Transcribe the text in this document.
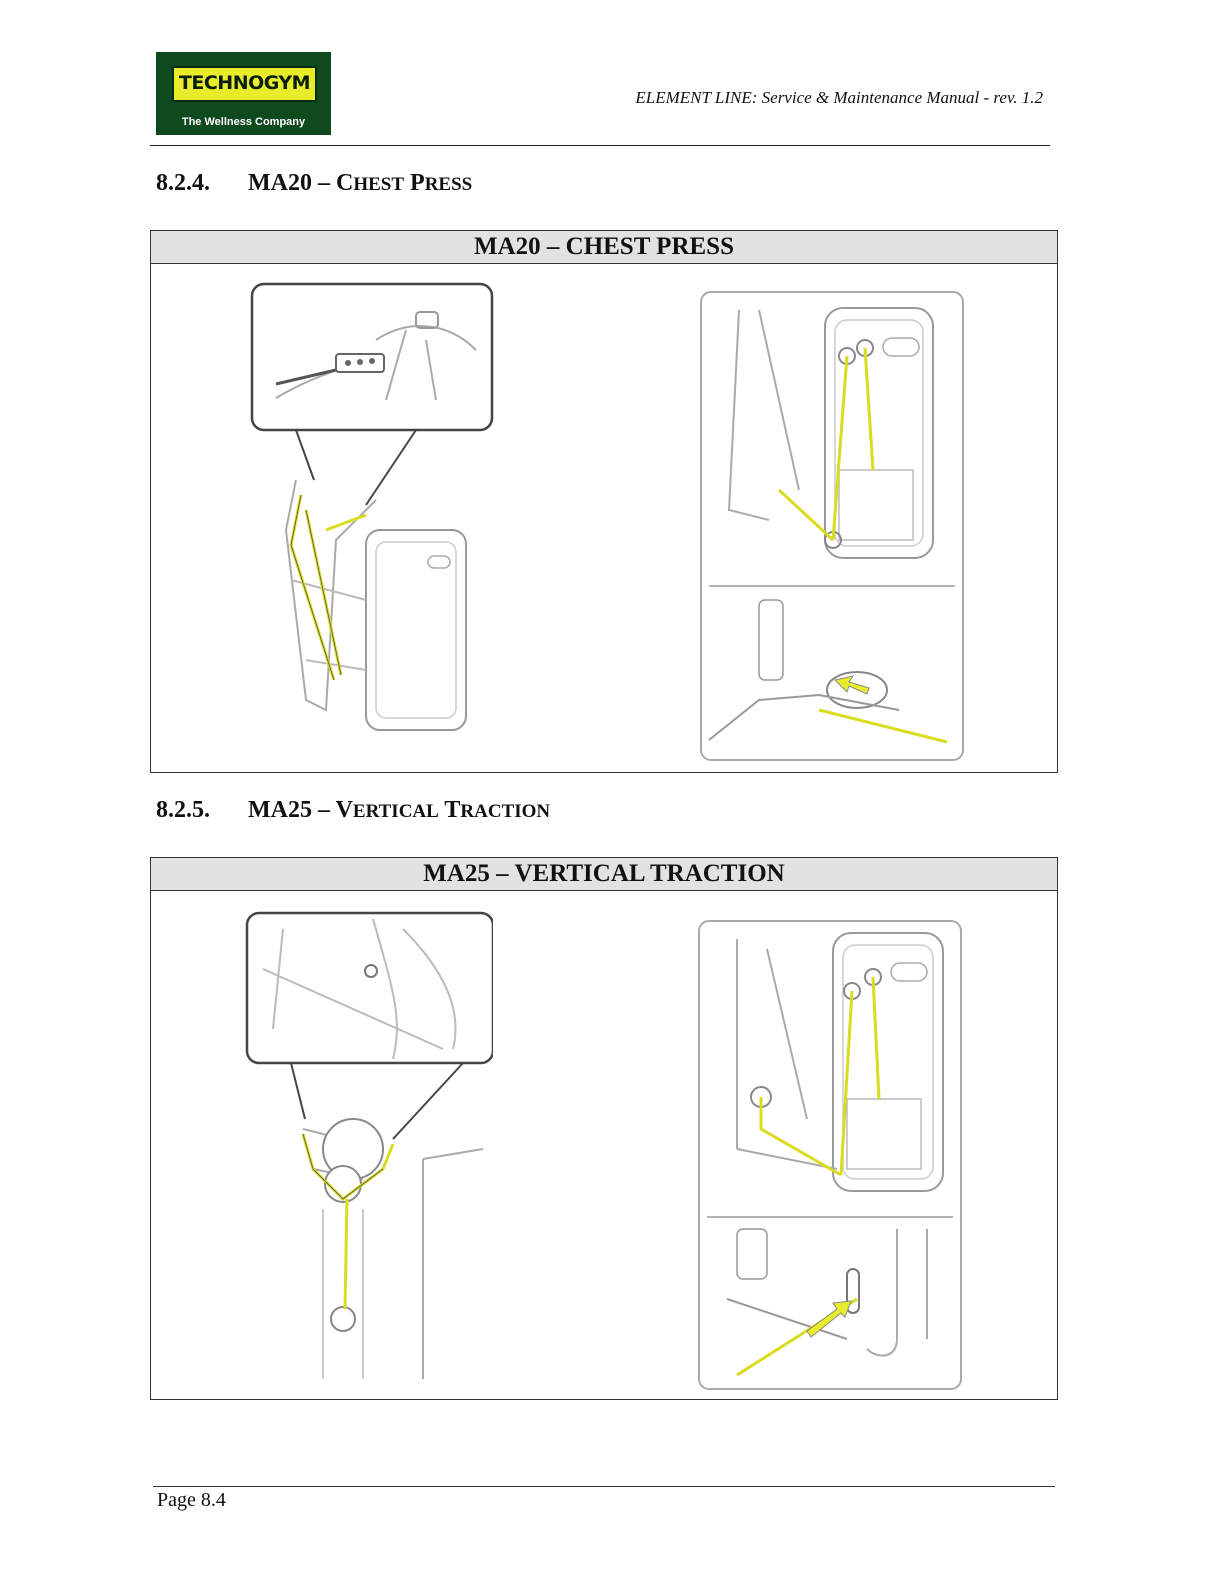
TECHNOGYM
The Wellness Company
ELEMENT LINE: Service & Maintenance Manual - rev. 1.2
8.2.4. MA20 – CHEST PRESS
MA20 – CHEST PRESS
8.2.5. MA25 – VERTICAL TRACTION
MA25 – VERTICAL TRACTION
Page 8.4
